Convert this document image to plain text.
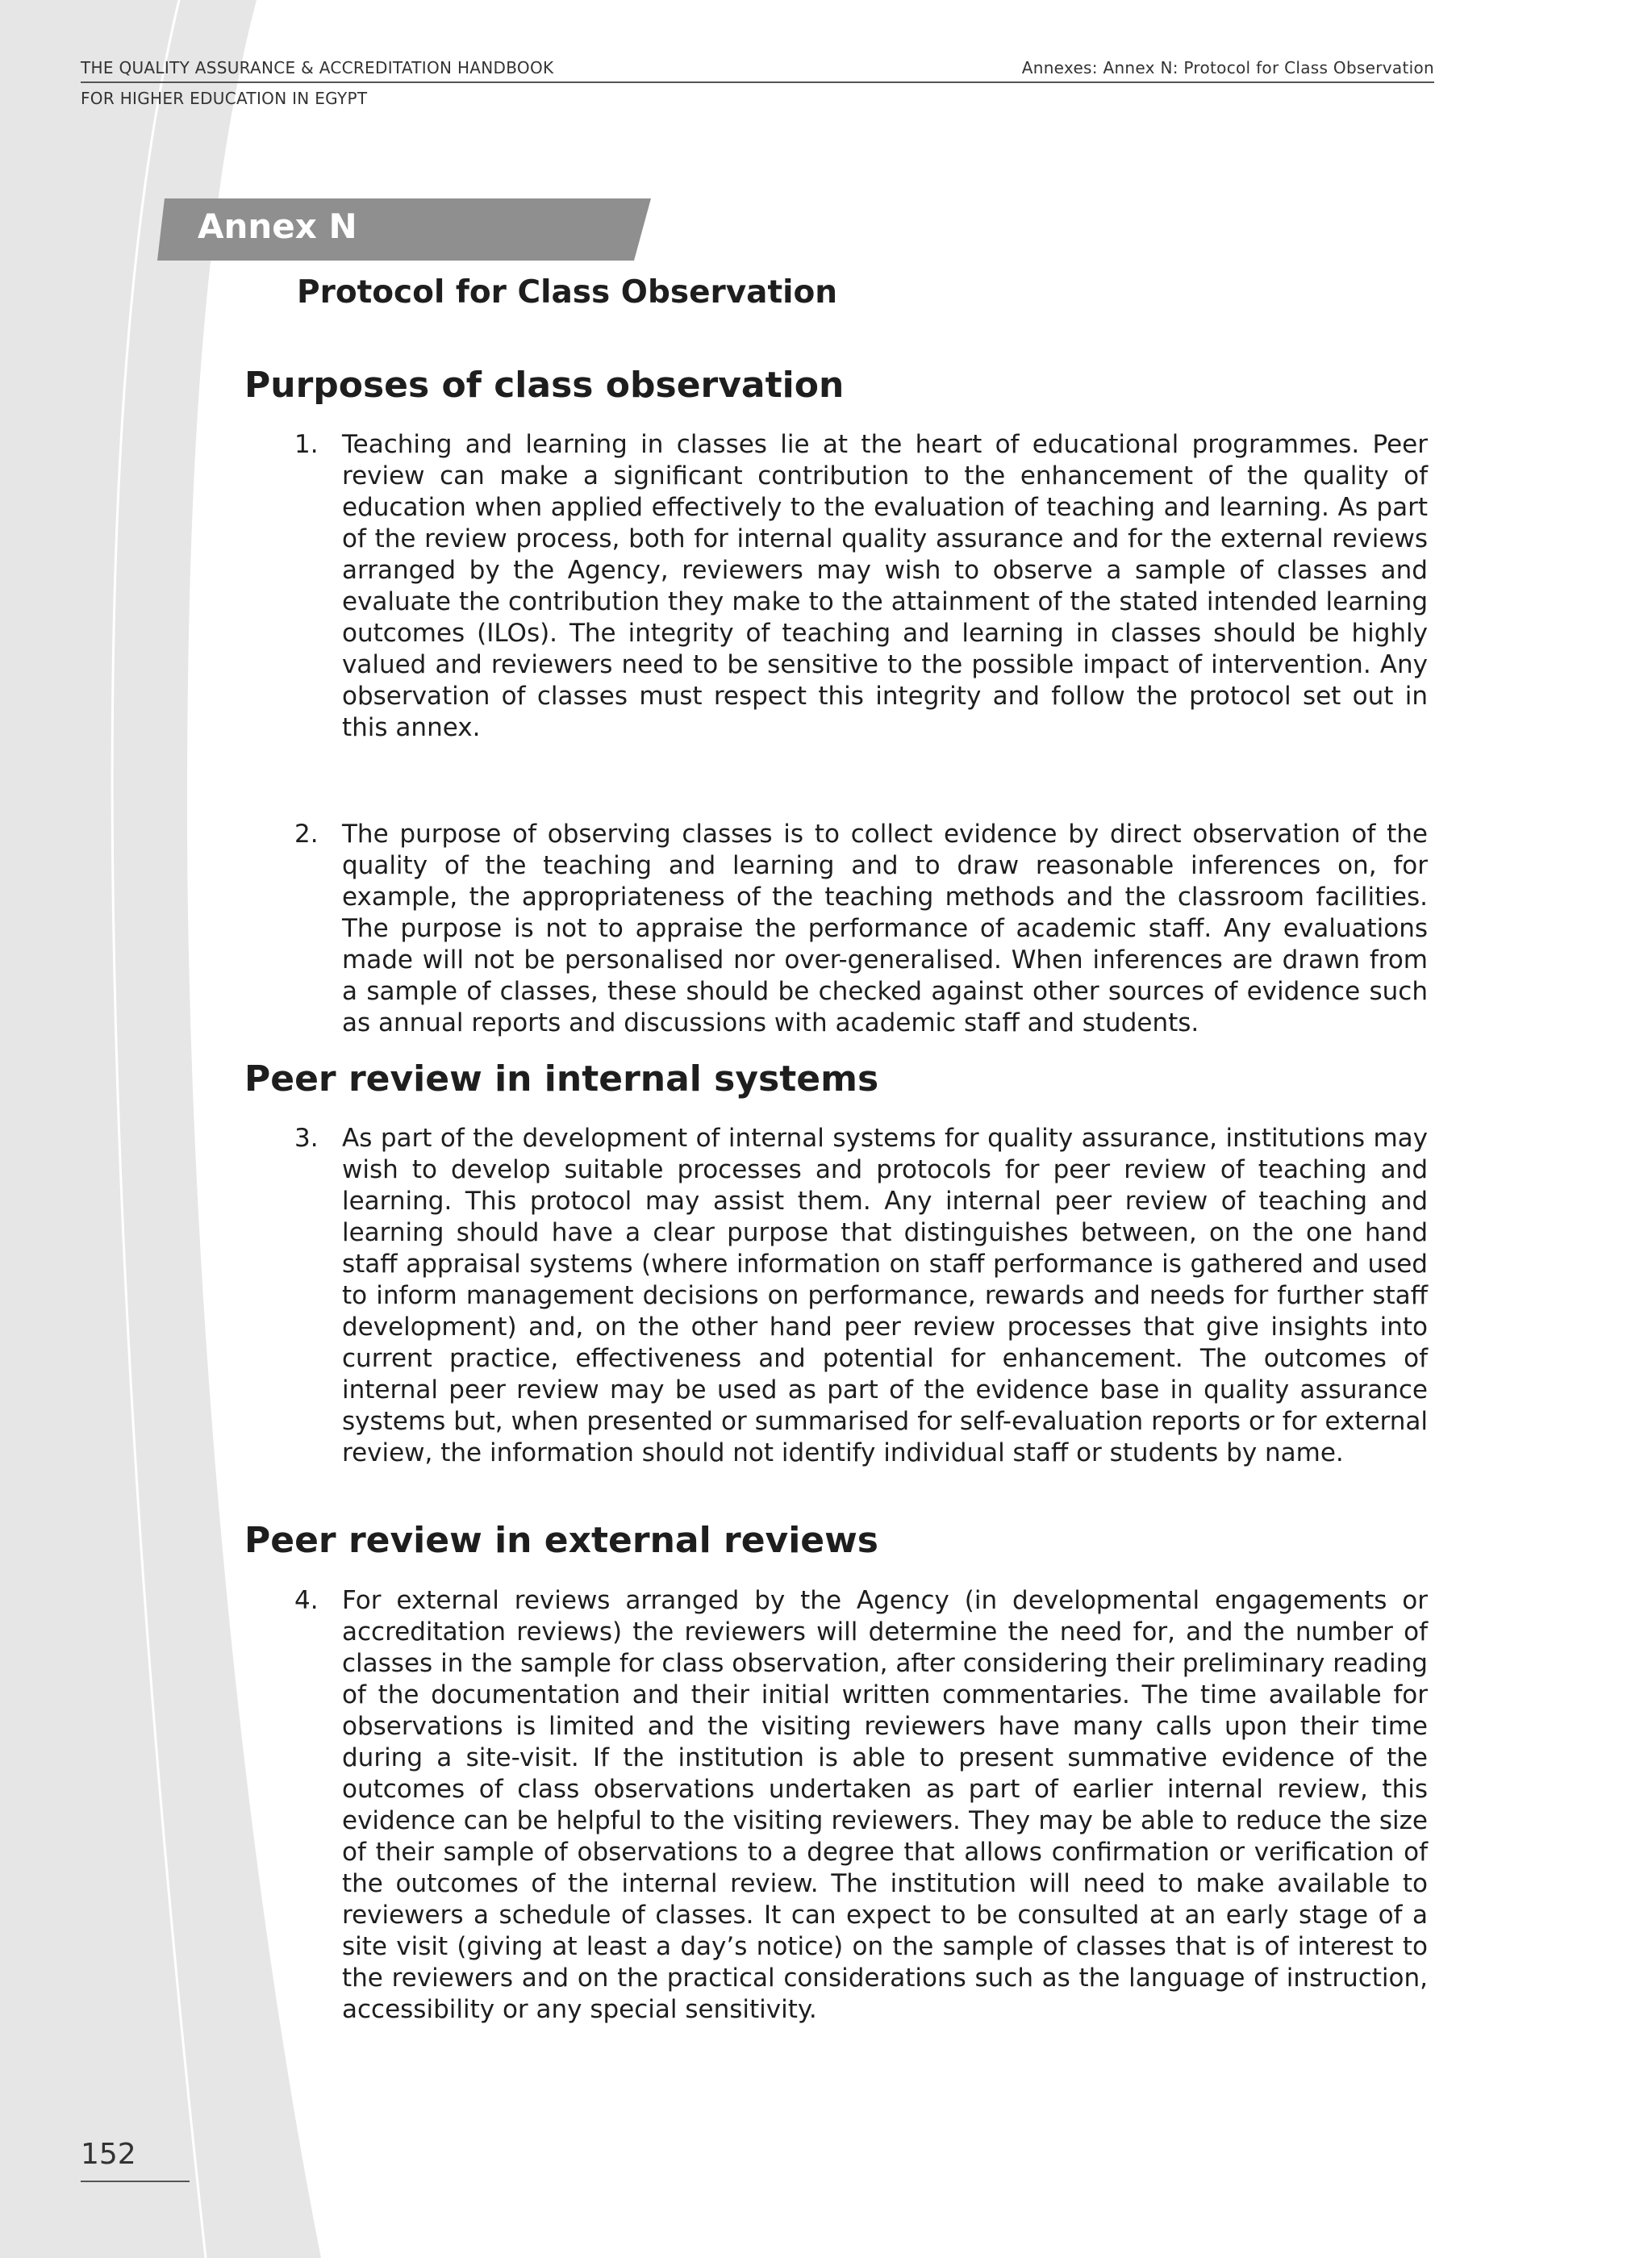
THE QUALITY ASSURANCE & ACCREDITATION HANDBOOK	Annexes: Annex N: Protocol for Class Observation
FOR HIGHER EDUCATION IN EGYPT
Annex N
Protocol for Class Observation
Purposes of class observation
1. Teaching and learning in classes lie at the heart of educational programmes. Peer review can make a significant contribution to the enhancement of the quality of education when applied effectively to the evaluation of teaching and learning. As part of the review process, both for internal quality assurance and for the external reviews arranged by the Agency, reviewers may wish to observe a sample of classes and evaluate the contribution they make to the attainment of the stated intended learning outcomes (ILOs). The integrity of teaching and learning in classes should be highly valued and reviewers need to be sensitive to the possible impact of intervention. Any observation of classes must respect this integrity and follow the protocol set out in this annex.
2. The purpose of observing classes is to collect evidence by direct observation of the quality of the teaching and learning and to draw reasonable inferences on, for example, the appropriateness of the teaching methods and the classroom facilities. The purpose is not to appraise the performance of academic staff. Any evaluations made will not be personalised nor over-generalised. When inferences are drawn from a sample of classes, these should be checked against other sources of evidence such as annual reports and discussions with academic staff and students.
Peer review in internal systems
3. As part of the development of internal systems for quality assurance, institutions may wish to develop suitable processes and protocols for peer review of teaching and learning. This protocol may assist them. Any internal peer review of teaching and learning should have a clear purpose that distinguishes between, on the one hand staff appraisal systems (where information on staff performance is gathered and used to inform management decisions on performance, rewards and needs for further staff development) and, on the other hand peer review processes that give insights into current practice, effectiveness and potential for enhancement. The outcomes of internal peer review may be used as part of the evidence base in quality assurance systems but, when presented or summarised for self-evaluation reports or for external review, the information should not identify individual staff or students by name.
Peer review in external reviews
4. For external reviews arranged by the Agency (in developmental engagements or accreditation reviews) the reviewers will determine the need for, and the number of classes in the sample for class observation, after considering their preliminary reading of the documentation and their initial written commentaries. The time available for observations is limited and the visiting reviewers have many calls upon their time during a site-visit. If the institution is able to present summative evidence of the outcomes of class observations undertaken as part of earlier internal review, this evidence can be helpful to the visiting reviewers. They may be able to reduce the size of their sample of observations to a degree that allows confirmation or verification of the outcomes of the internal review. The institution will need to make available to reviewers a schedule of classes. It can expect to be consulted at an early stage of a site visit (giving at least a day’s notice) on the sample of classes that is of interest to the reviewers and on the practical considerations such as the language of instruction, accessibility or any special sensitivity.
152
